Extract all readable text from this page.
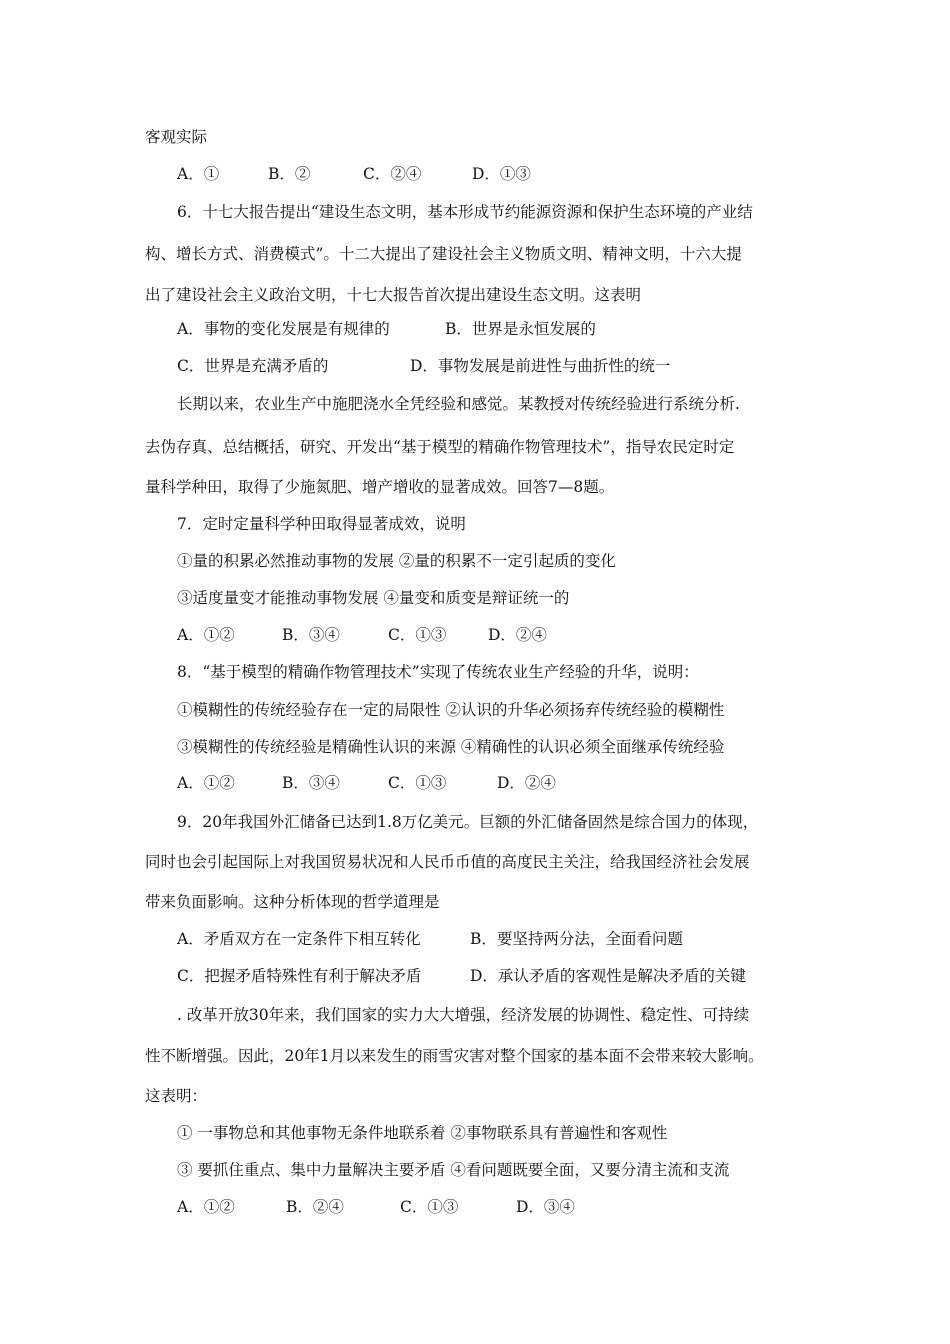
客观实际
A．①	B．②	C．②④	D．①③
6．十七大报告提出“建设生态文明，基本形成节约能源资源和保护生态环境的产业结
构、增长方式、消费模式”。十二大提出了建设社会主义物质文明、精神文明，十六大提
出了建设社会主义政治文明，十七大报告首次提出建设生态文明。这表明
A．事物的变化发展是有规律的	B．世界是永恒发展的
C．世界是充满矛盾的	D．事物发展是前进性与曲折性的统一
长期以来，农业生产中施肥浇水全凭经验和感觉。某教授对传统经验进行系统分析.
去伪存真、总结概括，研究、开发出“基于模型的精确作物管理技术”，指导农民定时定
量科学种田，取得了少施氮肥、增产增收的显著成效。回答7—8题。
7．定时定量科学种田取得显著成效，说明
①量的积累必然推动事物的发展 ②量的积累不一定引起质的变化
③适度量变才能推动事物发展 ④量变和质变是辩证统一的
A．①②	B．③④	C．①③	D．②④
8．“基于模型的精确作物管理技术”实现了传统农业生产经验的升华，说明：
①模糊性的传统经验存在一定的局限性 ②认识的升华必须扬弃传统经验的模糊性
③模糊性的传统经验是精确性认识的来源 ④精确性的认识必须全面继承传统经验
A．①②	B．③④	C．①③	D．②④
9．20年我国外汇储备已达到1.8万亿美元。巨额的外汇储备固然是综合国力的体现，
同时也会引起国际上对我国贸易状况和人民币币值的高度民主关注，给我国经济社会发展
带来负面影响。这种分析体现的哲学道理是
A．矛盾双方在一定条件下相互转化	B．要坚持两分法，全面看问题
C．把握矛盾特殊性有利于解决矛盾	D．承认矛盾的客观性是解决矛盾的关键
. 改革开放30年来，我们国家的实力大大增强，经济发展的协调性、稳定性、可持续
性不断增强。因此，20年1月以来发生的雨雪灾害对整个国家的基本面不会带来较大影响。
这表明：
① 一事物总和其他事物无条件地联系着 ②事物联系具有普遍性和客观性
③ 要抓住重点、集中力量解决主要矛盾 ④看问题既要全面，又要分清主流和支流
A．①②	B．②④	C．①③	D．③④
